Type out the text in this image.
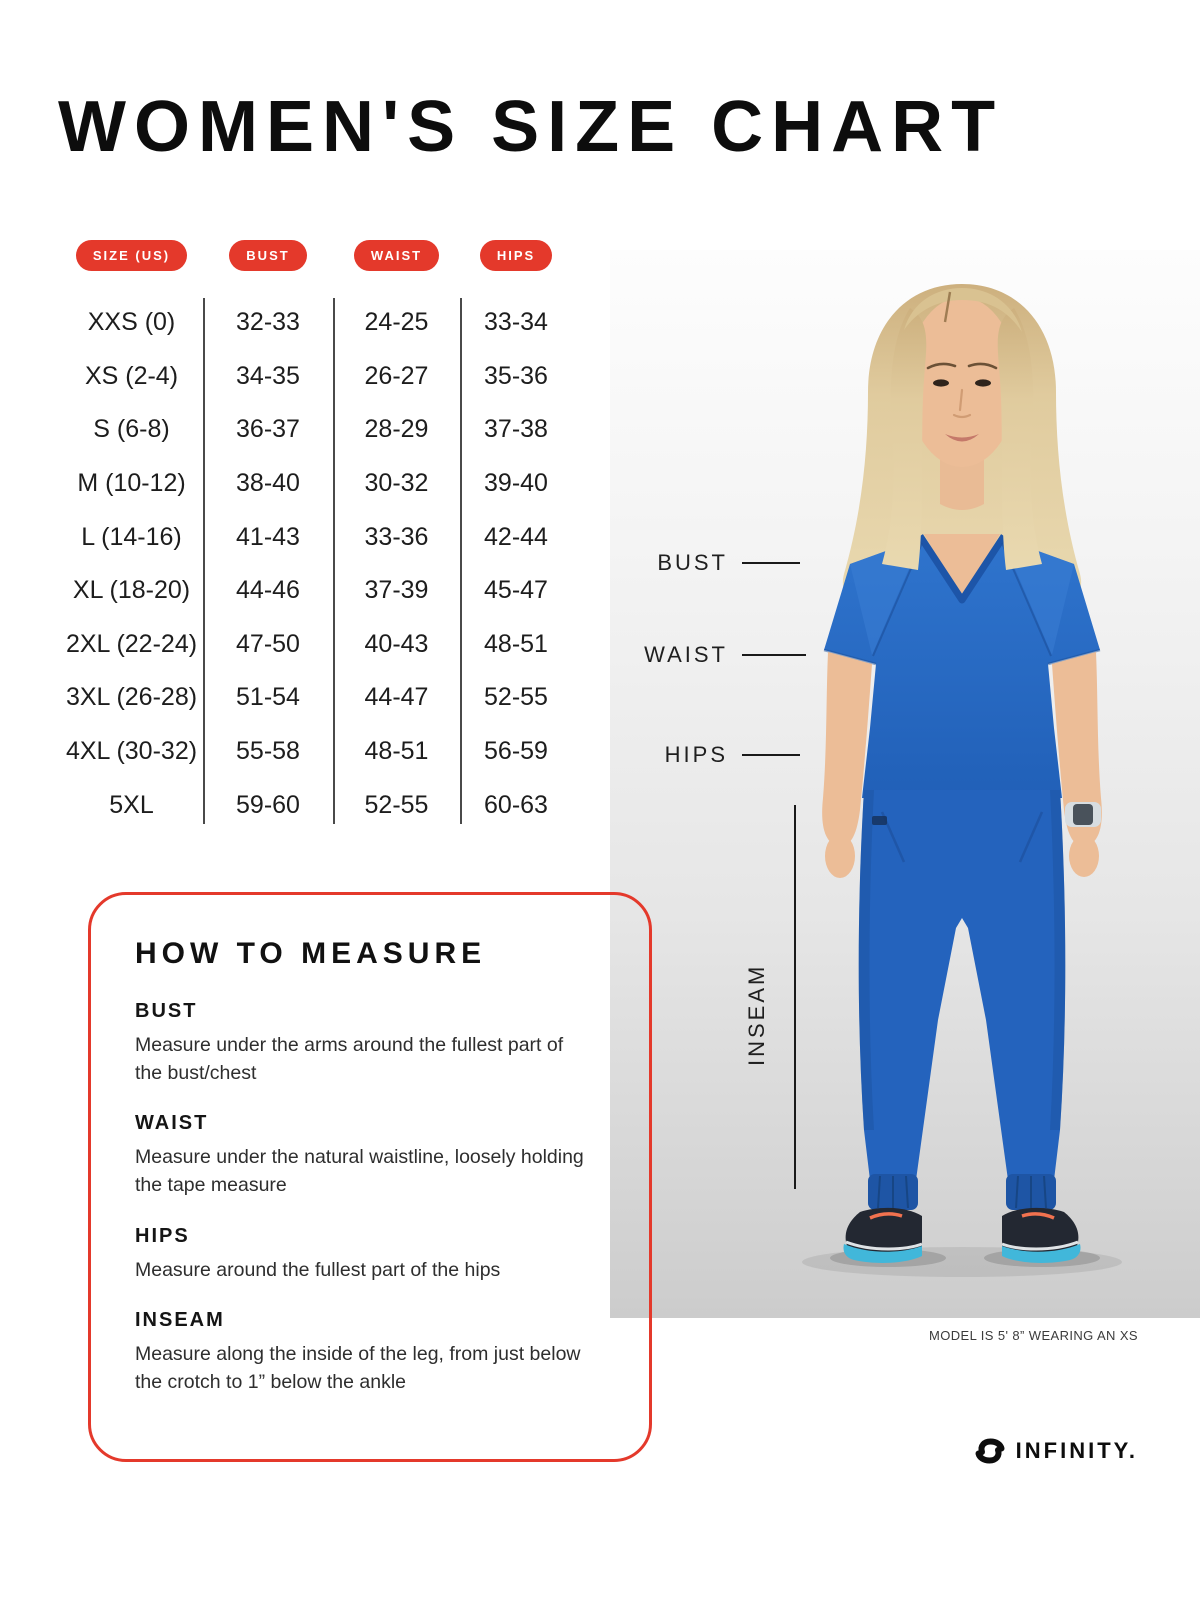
WOMEN'S SIZE CHART
SIZE (US)	BUST	WAIST	HIPS
XXS (0)	32-33	24-25	33-34
XS (2-4)	34-35	26-27	35-36
S (6-8)	36-37	28-29	37-38
M (10-12)	38-40	30-32	39-40
L (14-16)	41-43	33-36	42-44
XL (18-20)	44-46	37-39	45-47
2XL (22-24)	47-50	40-43	48-51
3XL (26-28)	51-54	44-47	52-55
4XL (30-32)	55-58	48-51	56-59
5XL	59-60	52-55	60-63
BUST
WAIST
HIPS
INSEAM
MODEL IS 5' 8” WEARING AN XS
HOW TO MEASURE
BUST
Measure under the arms around the fullest part of the bust/chest
WAIST
Measure under the natural waistline, loosely holding the tape measure
HIPS
Measure around the fullest part of the hips
INSEAM
Measure along the inside of the leg, from just below the crotch to 1” below the ankle
INFINITY.
